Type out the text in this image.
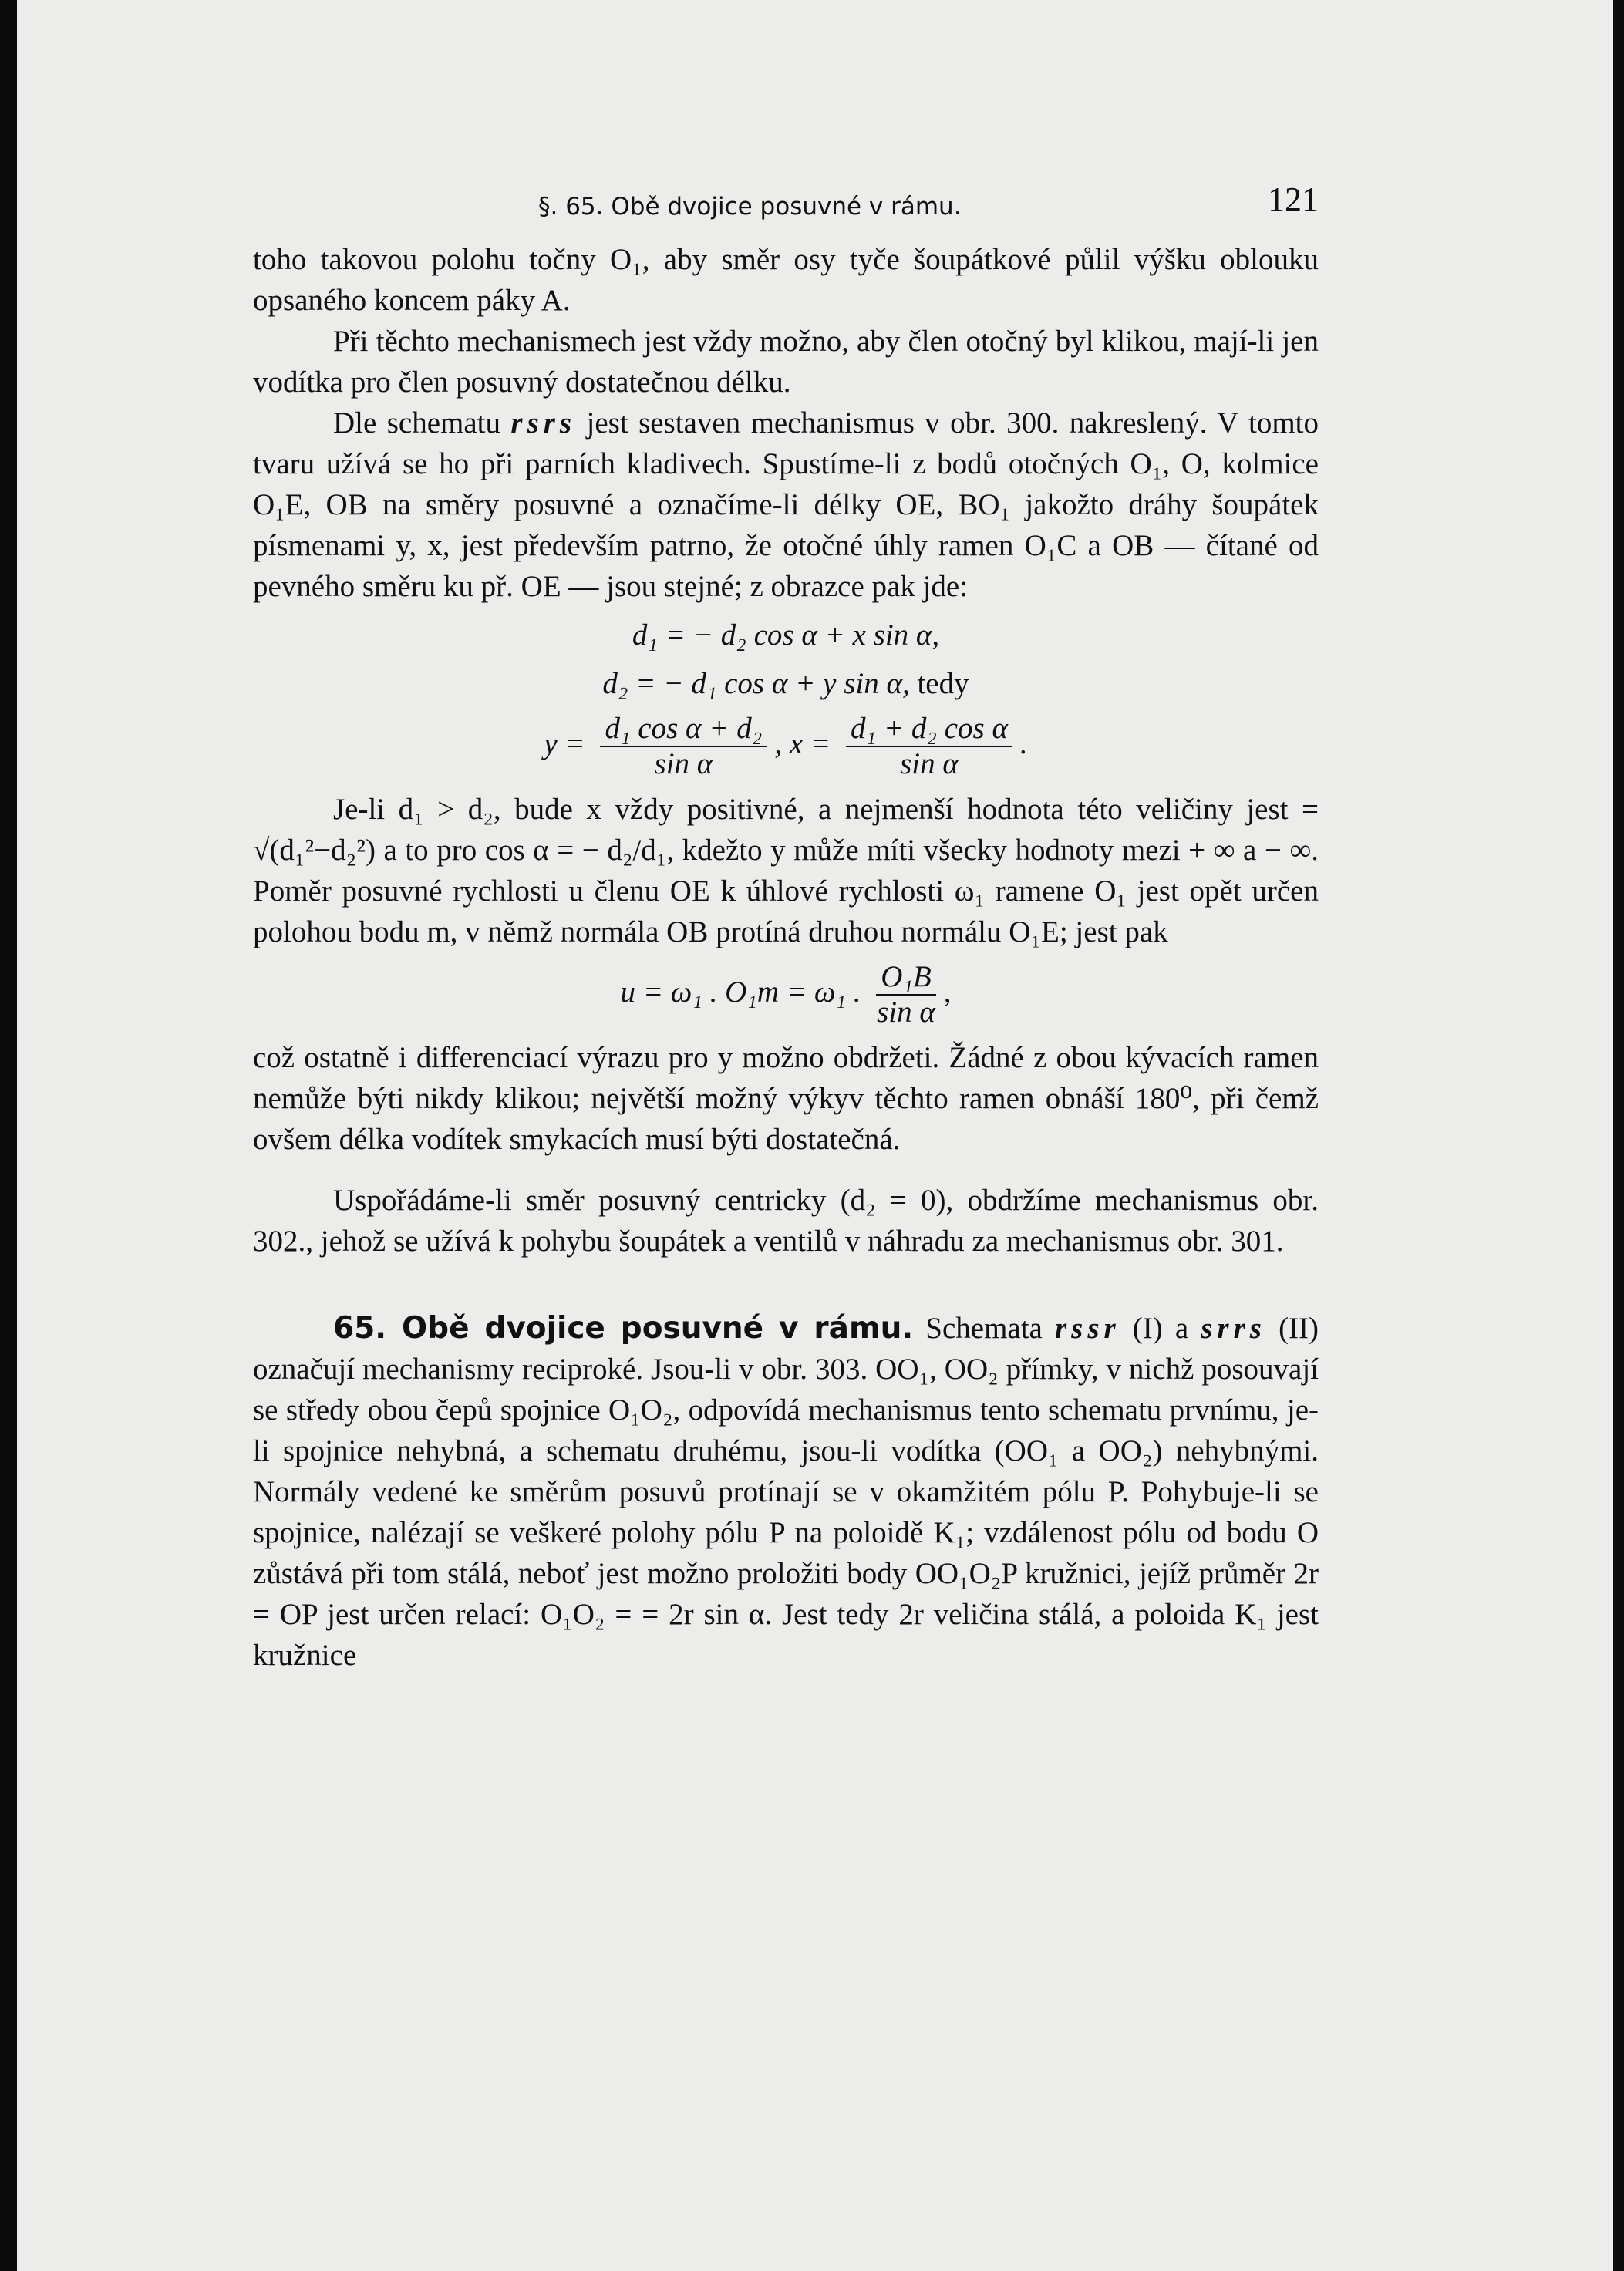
§. 65. Obě dvojice posuvné v rámu.	121

toho takovou polohu točny O₁, aby směr osy tyče šoupátkové půlil výšku oblouku opsaného koncem páky A.

Při těchto mechanismech jest vždy možno, aby člen otočný byl klikou, mají-li jen vodítka pro člen posuvný dostatečnou délku.

Dle schematu rsrs jest sestaven mechanismus v obr. 300. nakreslený. V tomto tvaru užívá se ho při parních kladivech. Spustíme-li z bodů otočných O₁, O, kolmice O₁E, OB na směry posuvné a označíme-li délky OE, BO₁ jakožto dráhy šoupátek písmenami y, x, jest především patrno, že otočné úhly ramen O₁C a OB — čítané od pevného směru ku př. OE — jsou stejné; z obrazce pak jde:

d₁ = − d₂ cos α + x sin α,
d₂ = − d₁ cos α + y sin α, tedy
$y = \frac{\text{d₁ cos α + d₂}}{\text{sin α}}$ , $x = \frac{\text{d₁ + d₂ cos α}}{\text{sin α}}$ .

Je-li d₁ > d₂, bude x vždy positivné, a nejmenší hodnota této veličiny jest = √(d₁²−d₂²) a to pro cos α = − d₂/d₁, kdežto y může míti všecky hodnoty mezi + ∞ a − ∞. Poměr posuvné rychlosti u členu OE k úhlové rychlosti ω₁ ramene O₁ jest opět určen polohou bodu m, v němž normála OB protíná druhou normálu O₁E; jest pak

u = ω₁ . O₁m = ω₁ . $\frac{\text{O₁B}}{\text{sin α}}$ ,

což ostatně i differenciací výrazu pro y možno obdržeti. Žádné z obou kývacích ramen nemůže býti nikdy klikou; největší možný výkyv těchto ramen obnáší 180⁰, při čemž ovšem délka vodítek smykacích musí býti dostatečná.

Uspořádáme-li směr posuvný centricky (d₂ = 0), obdržíme mechanismus obr. 302., jehož se užívá k pohybu šoupátek a ventilů v náhradu za mechanismus obr. 301.

65. Obě dvojice posuvné v rámu. Schemata rssr (I) a srrs (II) označují mechanismy reciproké. Jsou-li v obr. 303. OO₁, OO₂ přímky, v nichž posouvají se středy obou čepů spojnice O₁O₂, odpovídá mechanismus tento schematu prvnímu, je-li spojnice nehybná, a schematu druhému, jsou-li vodítka (OO₁ a OO₂) nehybnými. Normály vedené ke směrům posuvů protínají se v okamžitém pólu P. Pohybuje-li se spojnice, nalézají se veškeré polohy pólu P na poloidě K₁; vzdálenost pólu od bodu O zůstává při tom stálá, neboť jest možno proložiti body OO₁O₂P kružnici, jejíž průměr 2r = OP jest určen relací: O₁O₂ = = 2r sin α. Jest tedy 2r veličina stálá, a poloida K₁ jest kružnice
